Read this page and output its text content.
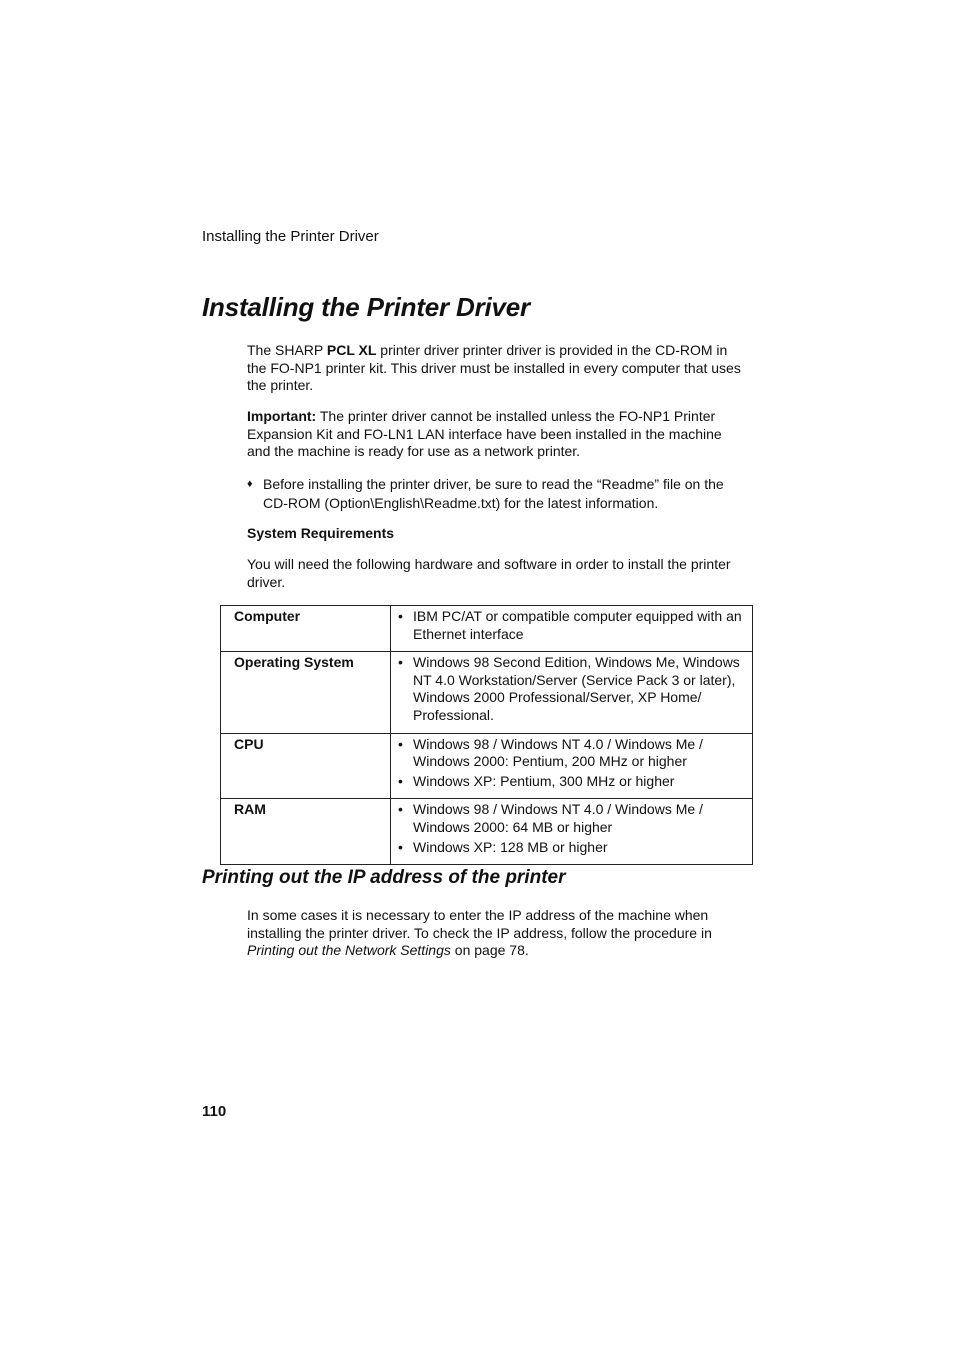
Installing the Printer Driver
Installing the Printer Driver

The SHARP PCL XL printer driver printer driver is provided in the CD-ROM in the FO-NP1 printer kit. This driver must be installed in every computer that uses the printer.

Important: The printer driver cannot be installed unless the FO-NP1 Printer Expansion Kit and FO-LN1 LAN interface have been installed in the machine and the machine is ready for use as a network printer.

♦ Before installing the printer driver, be sure to read the “Readme” file on the CD-ROM (Option\English\Readme.txt) for the latest information.
System Requirements

You will need the following hardware and software in order to install the printer driver.

Computer	• IBM PC/AT or compatible computer equipped with an Ethernet interface

Operating System	• Windows 98 Second Edition, Windows Me, Windows NT 4.0 Workstation/Server (Service Pack 3 or later), Windows 2000 Professional/Server, XP Home/ Professional.

CPU	• Windows 98 / Windows NT 4.0 / Windows Me / Windows 2000: Pentium, 200 MHz or higher
• Windows XP: Pentium, 300 MHz or higher

RAM	• Windows 98 / Windows NT 4.0 / Windows Me / Windows 2000: 64 MB or higher
• Windows XP: 128 MB or higher
Printing out the IP address of the printer

In some cases it is necessary to enter the IP address of the machine when installing the printer driver. To check the IP address, follow the procedure in Printing out the Network Settings on page 78.

110
